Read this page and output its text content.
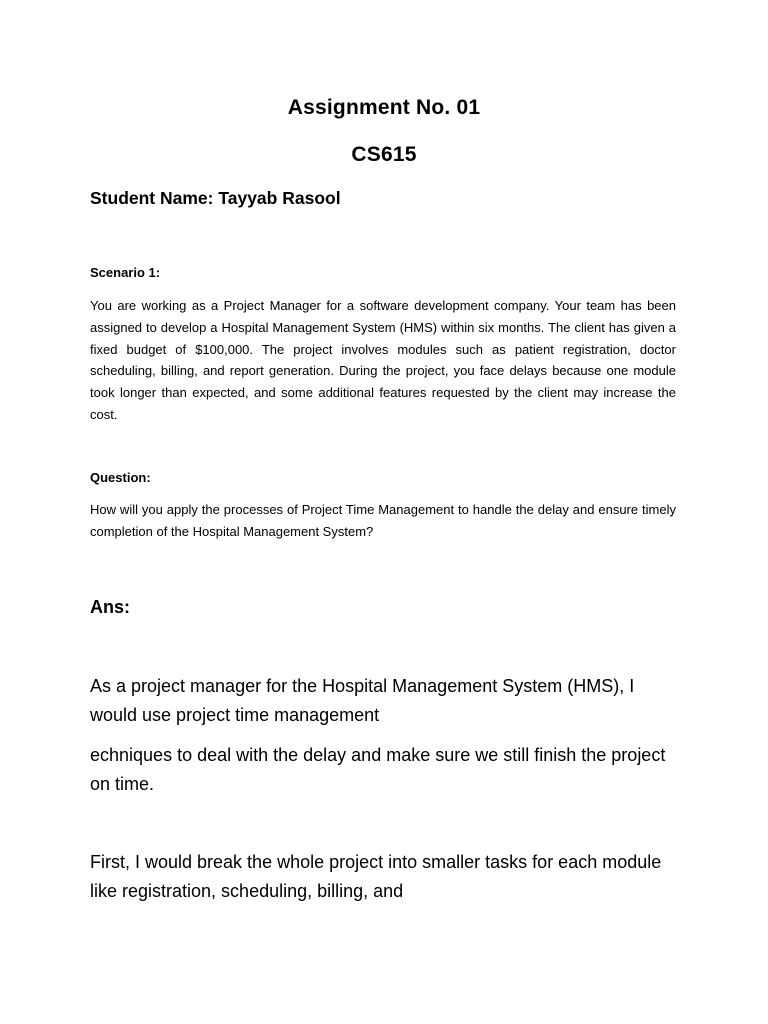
Assignment No. 01
CS615

Student Name: Tayyab Rasool

Scenario 1:

You are working as a Project Manager for a software development company. Your team has been assigned to develop a Hospital Management System (HMS) within six months. The client has given a fixed budget of $100,000. The project involves modules such as patient registration, doctor scheduling, billing, and report generation. During the project, you face delays because one module took longer than expected, and some additional features requested by the client may increase the cost.

Question:

How will you apply the processes of Project Time Management to handle the delay and ensure timely completion of the Hospital Management System?

Ans:

As a project manager for the Hospital Management System (HMS), I would use project time management

echniques to deal with the delay and make sure we still finish the project on time.

First, I would break the whole project into smaller tasks for each module like registration, scheduling, billing, and
